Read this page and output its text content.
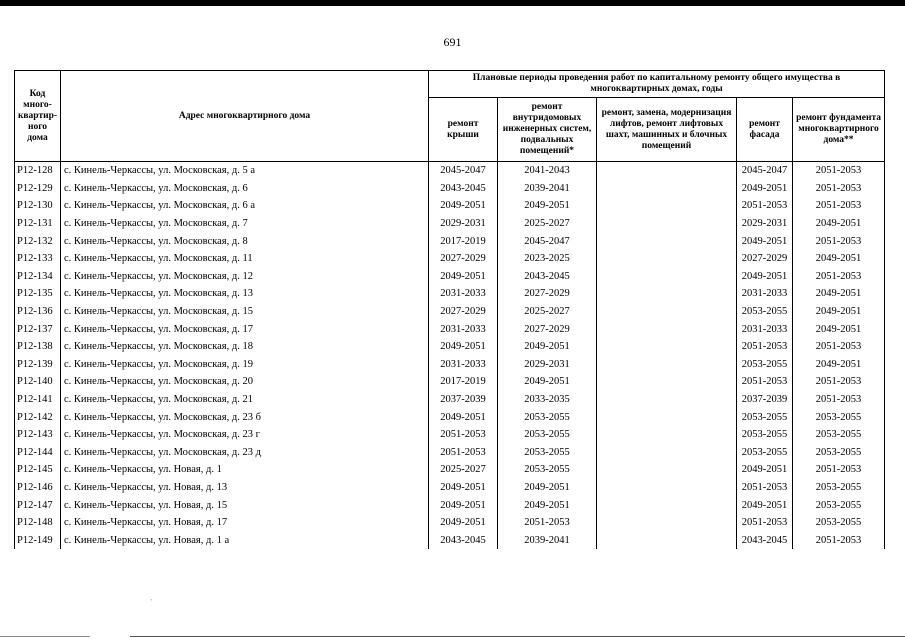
691
Код много-квартир-ного дома	Адрес многоквартирного дома	Плановые периоды проведения работ по капитальному ремонту общего имущества в многоквартирных домах, годы				
		ремонт крыши	ремонт внутридомовых инженерных систем, подвальных помещений*	ремонт, замена, модернизация лифтов, ремонт лифтовых шахт, машинных и блочных помещений	ремонт фасада	ремонт фундамента многоквартирного дома**
Р12-128	с. Кинель-Черкассы, ул. Московская, д. 5 а	2045-2047	2041-2043		2045-2047	2051-2053
Р12-129	с. Кинель-Черкассы, ул. Московская, д. 6	2043-2045	2039-2041		2049-2051	2051-2053
Р12-130	с. Кинель-Черкассы, ул. Московская, д. 6 а	2049-2051	2049-2051		2051-2053	2051-2053
Р12-131	с. Кинель-Черкассы, ул. Московская, д. 7	2029-2031	2025-2027		2029-2031	2049-2051
Р12-132	с. Кинель-Черкассы, ул. Московская, д. 8	2017-2019	2045-2047		2049-2051	2051-2053
Р12-133	с. Кинель-Черкассы, ул. Московская, д. 11	2027-2029	2023-2025		2027-2029	2049-2051
Р12-134	с. Кинель-Черкассы, ул. Московская, д. 12	2049-2051	2043-2045		2049-2051	2051-2053
Р12-135	с. Кинель-Черкассы, ул. Московская, д. 13	2031-2033	2027-2029		2031-2033	2049-2051
Р12-136	с. Кинель-Черкассы, ул. Московская, д. 15	2027-2029	2025-2027		2053-2055	2049-2051
Р12-137	с. Кинель-Черкассы, ул. Московская, д. 17	2031-2033	2027-2029		2031-2033	2049-2051
Р12-138	с. Кинель-Черкассы, ул. Московская, д. 18	2049-2051	2049-2051		2051-2053	2051-2053
Р12-139	с. Кинель-Черкассы, ул. Московская, д. 19	2031-2033	2029-2031		2053-2055	2049-2051
Р12-140	с. Кинель-Черкассы, ул. Московская, д. 20	2017-2019	2049-2051		2051-2053	2051-2053
Р12-141	с. Кинель-Черкассы, ул. Московская, д. 21	2037-2039	2033-2035		2037-2039	2051-2053
Р12-142	с. Кинель-Черкассы, ул. Московская, д. 23 б	2049-2051	2053-2055		2053-2055	2053-2055
Р12-143	с. Кинель-Черкассы, ул. Московская, д. 23 г	2051-2053	2053-2055		2053-2055	2053-2055
Р12-144	с. Кинель-Черкассы, ул. Московская, д. 23 д	2051-2053	2053-2055		2053-2055	2053-2055
Р12-145	с. Кинель-Черкассы, ул. Новая, д. 1	2025-2027	2053-2055		2049-2051	2051-2053
Р12-146	с. Кинель-Черкассы, ул. Новая, д. 13	2049-2051	2049-2051		2051-2053	2053-2055
Р12-147	с. Кинель-Черкассы, ул. Новая, д. 15	2049-2051	2049-2051		2049-2051	2053-2055
Р12-148	с. Кинель-Черкассы, ул. Новая, д. 17	2049-2051	2051-2053		2051-2053	2053-2055
Р12-149	с. Кинель-Черкассы, ул. Новая, д. 1 а	2043-2045	2039-2041		2043-2045	2051-2053
`
